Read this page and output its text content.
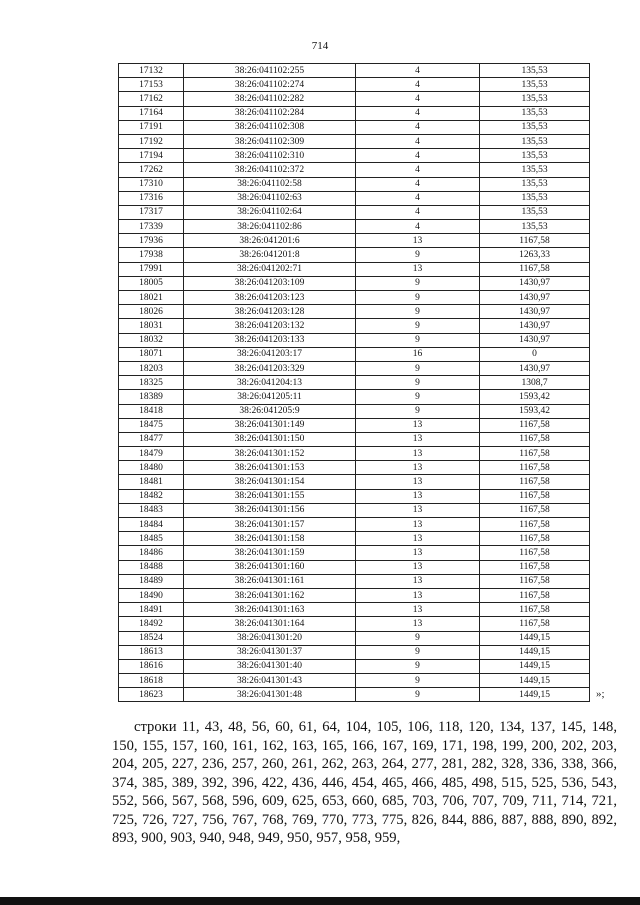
714
17132	38:26:041102:255	4	135,53
17153	38:26:041102:274	4	135,53
17162	38:26:041102:282	4	135,53
17164	38:26:041102:284	4	135,53
17191	38:26:041102:308	4	135,53
17192	38:26:041102:309	4	135,53
17194	38:26:041102:310	4	135,53
17262	38:26:041102:372	4	135,53
17310	38:26:041102:58	4	135,53
17316	38:26:041102:63	4	135,53
17317	38:26:041102:64	4	135,53
17339	38:26:041102:86	4	135,53
17936	38:26:041201:6	13	1167,58
17938	38:26:041201:8	9	1263,33
17991	38:26:041202:71	13	1167,58
18005	38:26:041203:109	9	1430,97
18021	38:26:041203:123	9	1430,97
18026	38:26:041203:128	9	1430,97
18031	38:26:041203:132	9	1430,97
18032	38:26:041203:133	9	1430,97
18071	38:26:041203:17	16	0
18203	38:26:041203:329	9	1430,97
18325	38:26:041204:13	9	1308,7
18389	38:26:041205:11	9	1593,42
18418	38:26:041205:9	9	1593,42
18475	38:26:041301:149	13	1167,58
18477	38:26:041301:150	13	1167,58
18479	38:26:041301:152	13	1167,58
18480	38:26:041301:153	13	1167,58
18481	38:26:041301:154	13	1167,58
18482	38:26:041301:155	13	1167,58
18483	38:26:041301:156	13	1167,58
18484	38:26:041301:157	13	1167,58
18485	38:26:041301:158	13	1167,58
18486	38:26:041301:159	13	1167,58
18488	38:26:041301:160	13	1167,58
18489	38:26:041301:161	13	1167,58
18490	38:26:041301:162	13	1167,58
18491	38:26:041301:163	13	1167,58
18492	38:26:041301:164	13	1167,58
18524	38:26:041301:20	9	1449,15
18613	38:26:041301:37	9	1449,15
18616	38:26:041301:40	9	1449,15
18618	38:26:041301:43	9	1449,15
18623	38:26:041301:48	9	1449,15	»;
строки 11, 43, 48, 56, 60, 61, 64, 104, 105, 106, 118, 120, 134, 137, 145, 148, 150, 155, 157, 160, 161, 162, 163, 165, 166, 167, 169, 171, 198, 199, 200, 202, 203, 204, 205, 227, 236, 257, 260, 261, 262, 263, 264, 277, 281, 282, 328, 336, 338, 366, 374, 385, 389, 392, 396, 422, 436, 446, 454, 465, 466, 485, 498, 515, 525, 536, 543, 552, 566, 567, 568, 596, 609, 625, 653, 660, 685, 703, 706, 707, 709, 711, 714, 721, 725, 726, 727, 756, 767, 768, 769, 770, 773, 775, 826, 844, 886, 887, 888, 890, 892, 893, 900, 903, 940, 948, 949, 950, 957, 958, 959,
